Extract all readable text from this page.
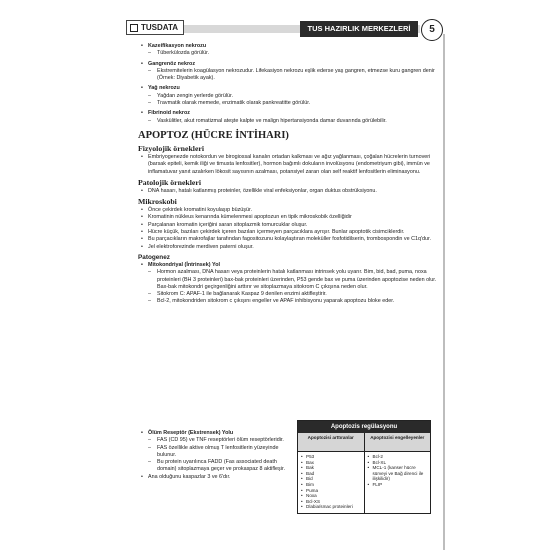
TUSDATA	TUS HAZIRLIK MERKEZLERİ	5
• Kazeifikasyon nekrozu
– Tüberkülozda görülür.
• Gangrenöz nekroz
– Ekstremitelerin koagülasyon nekrozudur. Lifekasiyon nekrozu eşlik ederse yaş gangren, etmezse kuru gangren denir (Örnek: Diyabetik ayak).
• Yağ nekrozu
– Yağdan zengin yerlerde görülür.
– Travmatik olarak memede, enzimatik olarak pankreatitte görülür.
• Fibrinoid nekroz
– Vaskülitler, akut romatizmal ateşte kalpte ve malign hipertansiyonda damar duvarında görülebilir.
APOPTOZ (HÜCRE İNTİHARI)
Fizyolojik örnekleri
• Embriyogenezde notokordun ve birogiossal kanalın ortadan kalkması ve ağız yağlanması, çoğalan hücrelerin turnoveri (barsak epiteli, kemik iliği ve timusta lenfositler), hormon bağımlı dokuların involüsyonu (endometriyum gibi), immün ve inflamatuvar yanıt azalırken lökosit sayısının azalması, potansiyel zararı olan self reaktif lenfositlerin eliminasyonu.
Patolojik örnekleri
• DNA hasarı, hatalı katlanmış proteinler, özellikle viral enfeksiyonlar, organ duktus obstrüksiyonu.
Mikroskobi
• Önce çekirdek kromatini koyulaşıp büzüşür.
• Kromatinin nükleus kenarında kümelenmesi apoptozun en tipik mikroskobik özelliğidir
• Parçalanan kromatin içeriğini saran sitoplazmik tomurcuklar oluşur.
• Hücre küçük, bazıları çekirdek içeren bazıları içermeyen parçacıklara ayrışır. Bunlar apoptotik cisimciklerdir.
• Bu parçacıkların makrofajlar tarafından fagositozunu kolaylaştıran moleküller fosfotidilserin, trombospondin ve C1q'dur.
• Jel elektroforezinde merdiven paterni oluşur.
Patogenez
• Mitokondriyal (İntrinsek) Yol
– Hormon azalması, DNA hasarı veya proteinlerin hatalı katlanması intrinsek yolu uyarır. Bim, bid, bad, puma, noxa proteinleri (BH 3 proteinleri) bax-bak proteinleri üzerinden, P53 gende bax ve puma üzerinden apoptozise neden olur. Bax-bak mitokondri geçirgenliğini arttırır ve sitoplazmaya sitokrom C çıkışına neden olur.
– Sitokrom C: APAF-1 ile bağlanarak Kaspaz 9 denilen enzimi aktifleştirir.
– Bcl-2, mitokondriden sitokrom c çıkışını engeller ve APAF inhibisyonu yaparak apoptozu bloke eder.
• Ölüm Reseptör (Ekstrensek) Yolu
– FAS (CD 95) ve TNF reseptörleri ölüm reseptörleridir.
– FAS özellikle aktive olmuş T lenfositlerin yüzeyinde bulunur.
– Bu protein uyarılınca FADD (Fas associated death domain) sitoplazmaya geçer ve prokaspaz 8 aktifleşir.
• Ana olduğunu kaspazlar 3 ve 6'dır.
Apoptozis regülasyonu
Apoptozisi arttıranlar
• P53
• Bax
• Bak
• Bad
• Bid
• Bim
• Puma
• Noxa
• Bcl-XS
• Dlabia/smac proteinleri
Apoptozisi engelleyenler
• Bcl-2
• Bcl-XL
• MCL-1 (kanser hücre sürveyi ve Bağ direnci ile ilişkilidir)
• FLIP
